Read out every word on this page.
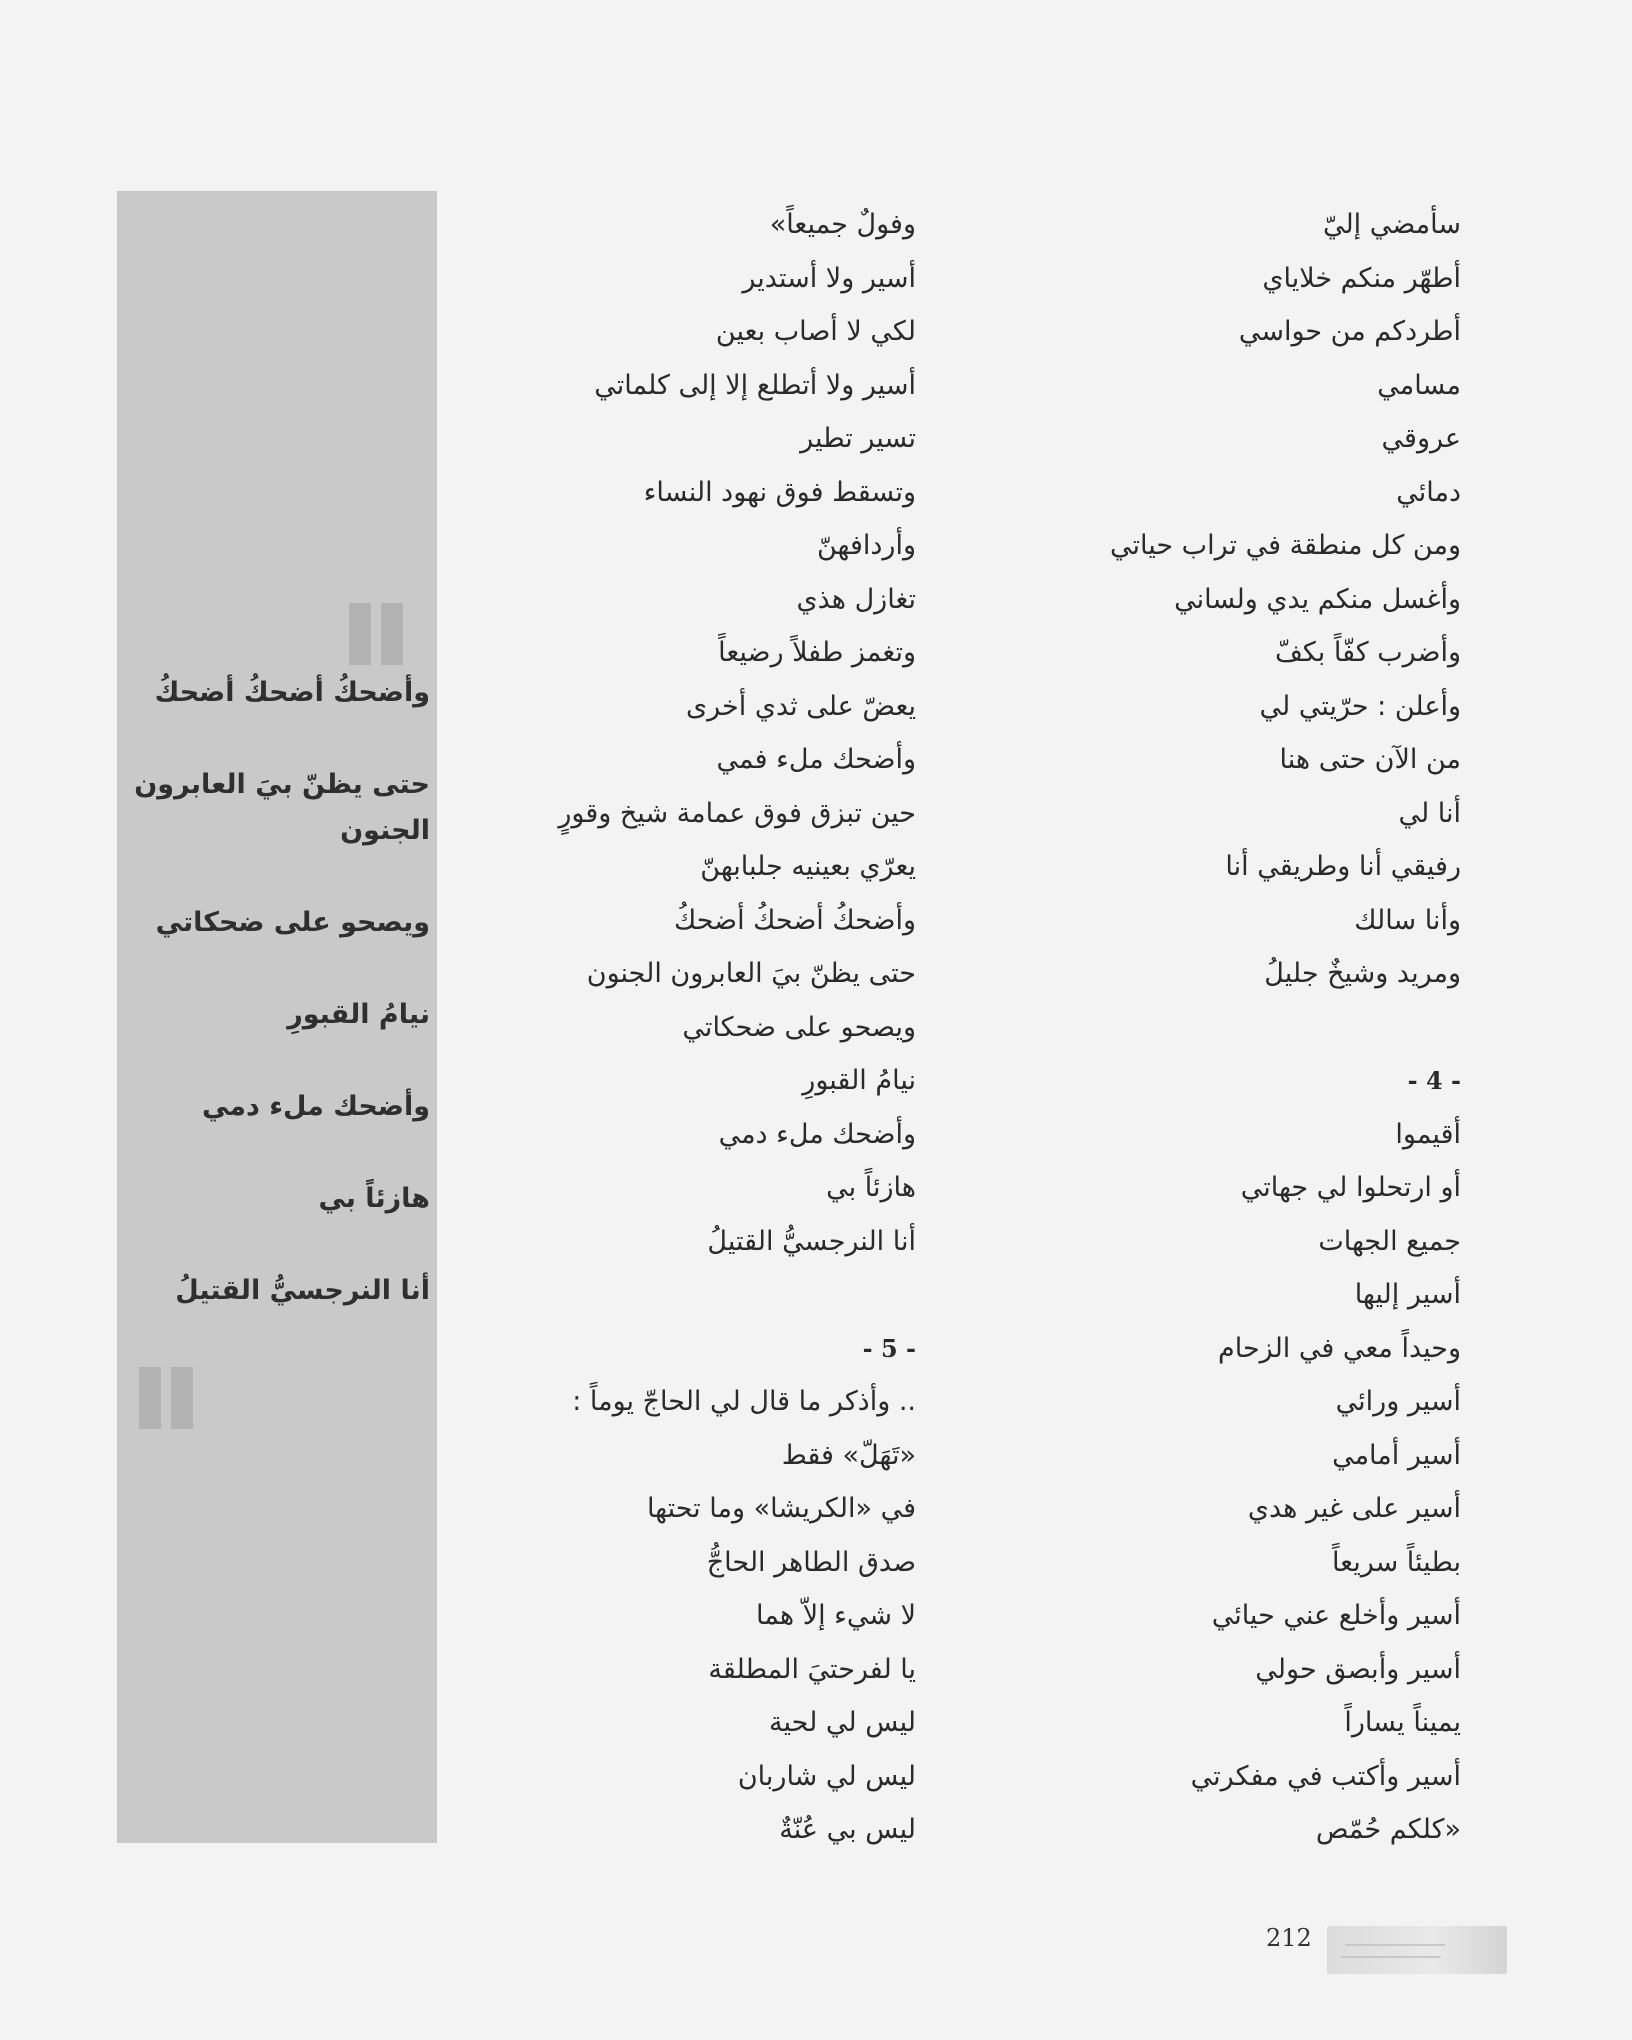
سأمضي إليّ
أطهّر منكم خلاياي
أطردكم من حواسي
مسامي
عروقي
دمائي
ومن كل منطقة في تراب حياتي
وأغسل منكم يدي ولساني
وأضرب كفّاً بكفّ
وأعلن : حرّيتي لي
من الآن حتى هنا
أنا لي
رفيقي أنا وطريقي أنا
وأنا سالك
ومريد وشيخٌ جليلُ
- 4 -
أقيموا
أو ارتحلوا لي جهاتي
جميع الجهات
أسير إليها
وحيداً معي في الزحام
أسير ورائي
أسير أمامي
أسير على غير هدي
بطيئاً سريعاً
أسير وأخلع عني حيائي
أسير وأبصق حولي
يميناً يساراً
أسير وأكتب في مفكرتي
«كلكم حُمّص
وفولٌ جميعاً»
أسير ولا أستدير
لكي لا أصاب بعين
أسير ولا أتطلع إلا إلى كلماتي
تسير تطير
وتسقط فوق نهود النساء
وأردافهنّ
تغازل هذي
وتغمز طفلاً رضيعاً
يعضّ على ثدي أخرى
وأضحك ملء فمي
حين تبزق فوق عمامة شيخ وقورٍ
يعرّي بعينيه جلبابهنّ
وأضحكُ أضحكُ أضحكُ
حتى يظنّ بيَ العابرون الجنون
ويصحو على ضحكاتي
نيامُ القبورِ
وأضحك ملء دمي
هازئاً بي
أنا النرجسيُّ القتيلُ
- 5 -
.. وأذكر ما قال لي الحاجّ يوماً :
«تَهَلّ» فقط
في «الكريشا» وما تحتها
صدق الطاهر الحاجُّ
لا شيء إلاّ هما
يا لفرحتيَ المطلقة
ليس لي لحية
ليس لي شاربان
ليس بي عُنّةٌ
وأضحكُ أضحكُ أضحكُ
حتى يظنّ بيَ العابرون
الجنون
ويصحو على ضحكاتي
نيامُ القبورِ
وأضحك ملء دمي
هازئاً بي
أنا النرجسيُّ القتيلُ
212
